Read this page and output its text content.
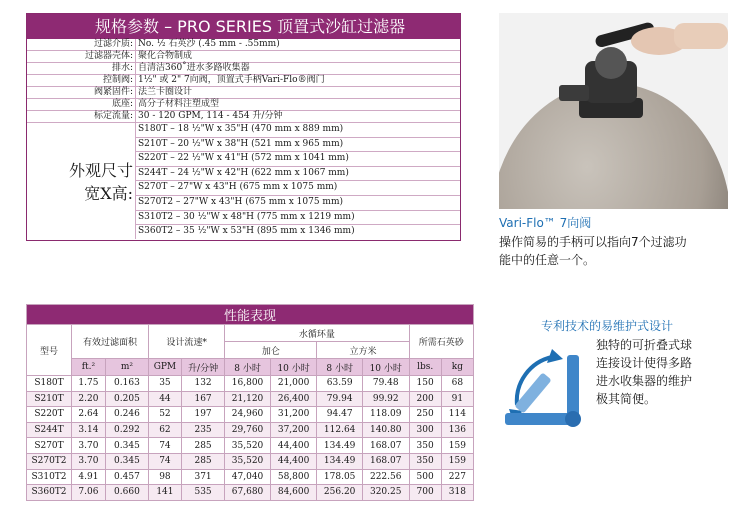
规格参数 – PRO SERIES 顶置式沙缸过滤器
过滤介质: No. ½ 石英沙 (.45 mm - .55mm)
过滤器壳体: 聚化合物制成
排水: 自清洁360˚进水多路收集器
控制阀: 1½" 或 2" 7向阀，顶置式手柄Vari-Flo®阀门
阀紧固件: 法兰卡圈设计
底座: 高分子材料注塑成型
标定流量: 30 - 120 GPM, 114 - 454 升/分钟
外观尺寸
宽X高:
S180T – 18 ½"W x 35"H (470 mm x 889 mm)
S210T – 20 ½"W x 38"H (521 mm x 965 mm)
S220T – 22 ½"W x 41"H (572 mm x 1041 mm)
S244T – 24 ½"W x 42"H (622 mm x 1067 mm)
S270T – 27"W x 43"H (675 mm x 1075 mm)
S270T2 – 27"W x 43"H (675 mm x 1075 mm)
S310T2 – 30 ½"W x 48"H (775 mm x 1219 mm)
S360T2 – 35 ½"W x 53"H (895 mm x 1346 mm)
Vari-Flo™ 7向阀
操作简易的手柄可以指向7个过滤功
能中的任意一个。
性能表现										
型号	有效过滤面积		设计流速*		水循环量				所需石英砂	
					加仑		立方米			
	ft.²	m²	GPM	升/分钟	8 小时	10 小时	8 小时	10 小时	lbs.	kg
S180T	1.75	0.163	35	132	16,800	21,000	63.59	79.48	150	68
S210T	2.20	0.205	44	167	21,120	26,400	79.94	99.92	200	91
S220T	2.64	0.246	52	197	24,960	31,200	94.47	118.09	250	114
S244T	3.14	0.292	62	235	29,760	37,200	112.64	140.80	300	136
S270T	3.70	0.345	74	285	35,520	44,400	134.49	168.07	350	159
S270T2	3.70	0.345	74	285	35,520	44,400	134.49	168.07	350	159
S310T2	4.91	0.457	98	371	47,040	58,800	178.05	222.56	500	227
S360T2	7.06	0.660	141	535	67,680	84,600	256.20	320.25	700	318
专利技术的易维护式设计
独特的可折叠式球
连接设计使得多路
进水收集器的维护
极其简便。
